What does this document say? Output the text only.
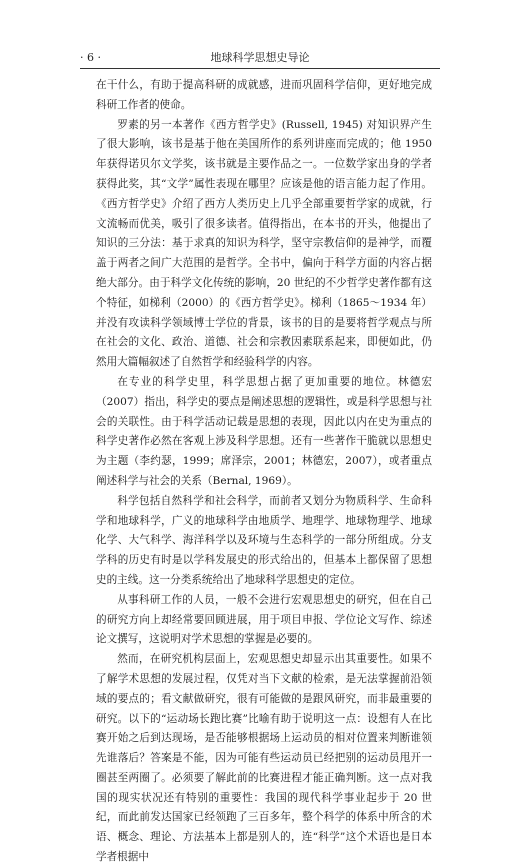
· 6 ·	地球科学思想史导论

在干什么，有助于提高科研的成就感，进而巩固科学信仰，更好地完成科研工作者的使命。

罗素的另一本著作《西方哲学史》(Russell, 1945) 对知识界产生了很大影响，该书是基于他在美国所作的系列讲座而完成的；他 1950 年获得诺贝尔文学奖，该书就是主要作品之一。一位数学家出身的学者获得此奖，其“文学”属性表现在哪里？应该是他的语言能力起了作用。《西方哲学史》介绍了西方人类历史上几乎全部重要哲学家的成就，行文流畅而优美，吸引了很多读者。值得指出，在本书的开头，他提出了知识的三分法：基于求真的知识为科学，坚守宗教信仰的是神学，而覆盖于两者之间广大范围的是哲学。全书中，偏向于科学方面的内容占据绝大部分。由于科学文化传统的影响，20 世纪的不少哲学史著作都有这个特征，如梯利（2000）的《西方哲学史》。梯利（1865～1934 年）并没有攻读科学领域博士学位的背景，该书的目的是要将哲学观点与所在社会的文化、政治、道德、社会和宗教因素联系起来，即便如此，仍然用大篇幅叙述了自然哲学和经验科学的内容。

在专业的科学史里，科学思想占据了更加重要的地位。林德宏（2007）指出，科学史的要点是阐述思想的逻辑性，或是科学思想与社会的关联性。由于科学活动记载是思想的表现，因此以内在史为重点的科学史著作必然在客观上涉及科学思想。还有一些著作干脆就以思想史为主题（李约瑟，1999；席泽宗，2001；林德宏，2007），或者重点阐述科学与社会的关系（Bernal, 1969）。

科学包括自然科学和社会科学，而前者又划分为物质科学、生命科学和地球科学，广义的地球科学由地质学、地理学、地球物理学、地球化学、大气科学、海洋科学以及环境与生态科学的一部分所组成。分支学科的历史有时是以学科发展史的形式给出的，但基本上都保留了思想史的主线。这一分类系统给出了地球科学思想史的定位。

从事科研工作的人员，一般不会进行宏观思想史的研究，但在自己的研究方向上却经常要回顾进展，用于项目申报、学位论文写作、综述论文撰写，这说明对学术思想的掌握是必要的。

然而，在研究机构层面上，宏观思想史却显示出其重要性。如果不了解学术思想的发展过程，仅凭对当下文献的检索，是无法掌握前沿领域的要点的；看文献做研究，很有可能做的是跟风研究，而非最重要的研究。以下的“运动场长跑比赛”比喻有助于说明这一点：设想有人在比赛开始之后到达现场，是否能够根据场上运动员的相对位置来判断谁领先谁落后？答案是不能，因为可能有些运动员已经把别的运动员甩开一圈甚至两圈了。必须要了解此前的比赛进程才能正确判断。这一点对我国的现实状况还有特别的重要性：我国的现代科学事业起步于 20 世纪，而此前发达国家已经领跑了三百多年，整个科学的体系中所含的术语、概念、理论、方法基本上都是别人的，连“科学”这个术语也是日本学者根据中
